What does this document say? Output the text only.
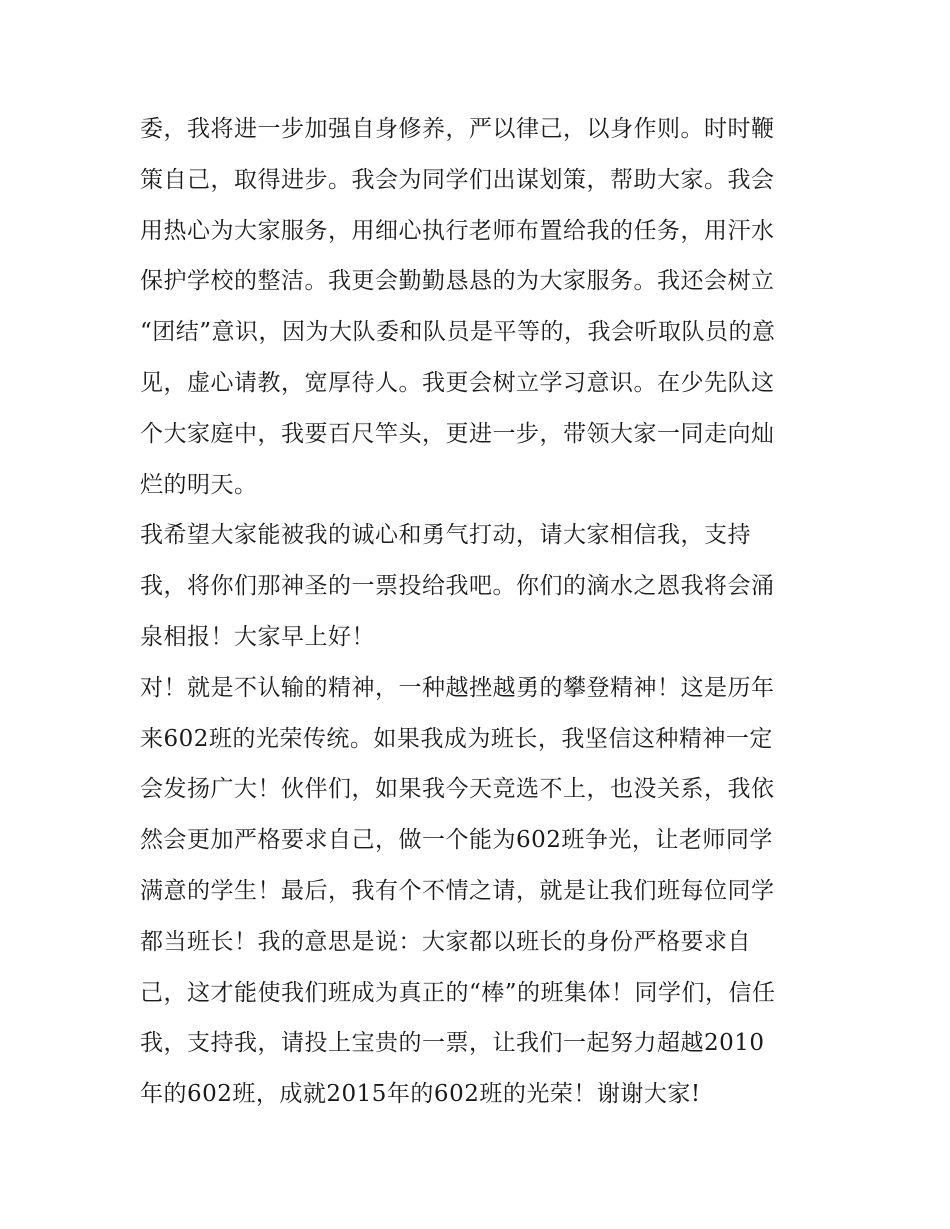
委，我将进一步加强自身修养，严以律己，以身作则。时时鞭
策自己，取得进步。我会为同学们出谋划策，帮助大家。我会
用热心为大家服务，用细心执行老师布置给我的任务，用汗水
保护学校的整洁。我更会勤勤恳恳的为大家服务。我还会树立
“团结”意识，因为大队委和队员是平等的，我会听取队员的意
见，虚心请教，宽厚待人。我更会树立学习意识。在少先队这
个大家庭中，我要百尺竿头，更进一步，带领大家一同走向灿
烂的明天。
我希望大家能被我的诚心和勇气打动，请大家相信我，支持
我，将你们那神圣的一票投给我吧。你们的滴水之恩我将会涌
泉相报！大家早上好！
对！就是不认输的精神，一种越挫越勇的攀登精神！这是历年
来602班的光荣传统。如果我成为班长，我坚信这种精神一定
会发扬广大！伙伴们，如果我今天竞选不上，也没关系，我依
然会更加严格要求自己，做一个能为602班争光，让老师同学
满意的学生！最后，我有个不情之请，就是让我们班每位同学
都当班长！我的意思是说：大家都以班长的身份严格要求自
己，这才能使我们班成为真正的“棒”的班集体！同学们，信任
我，支持我，请投上宝贵的一票，让我们一起努力超越2010
年的602班，成就2015年的602班的光荣！谢谢大家!
